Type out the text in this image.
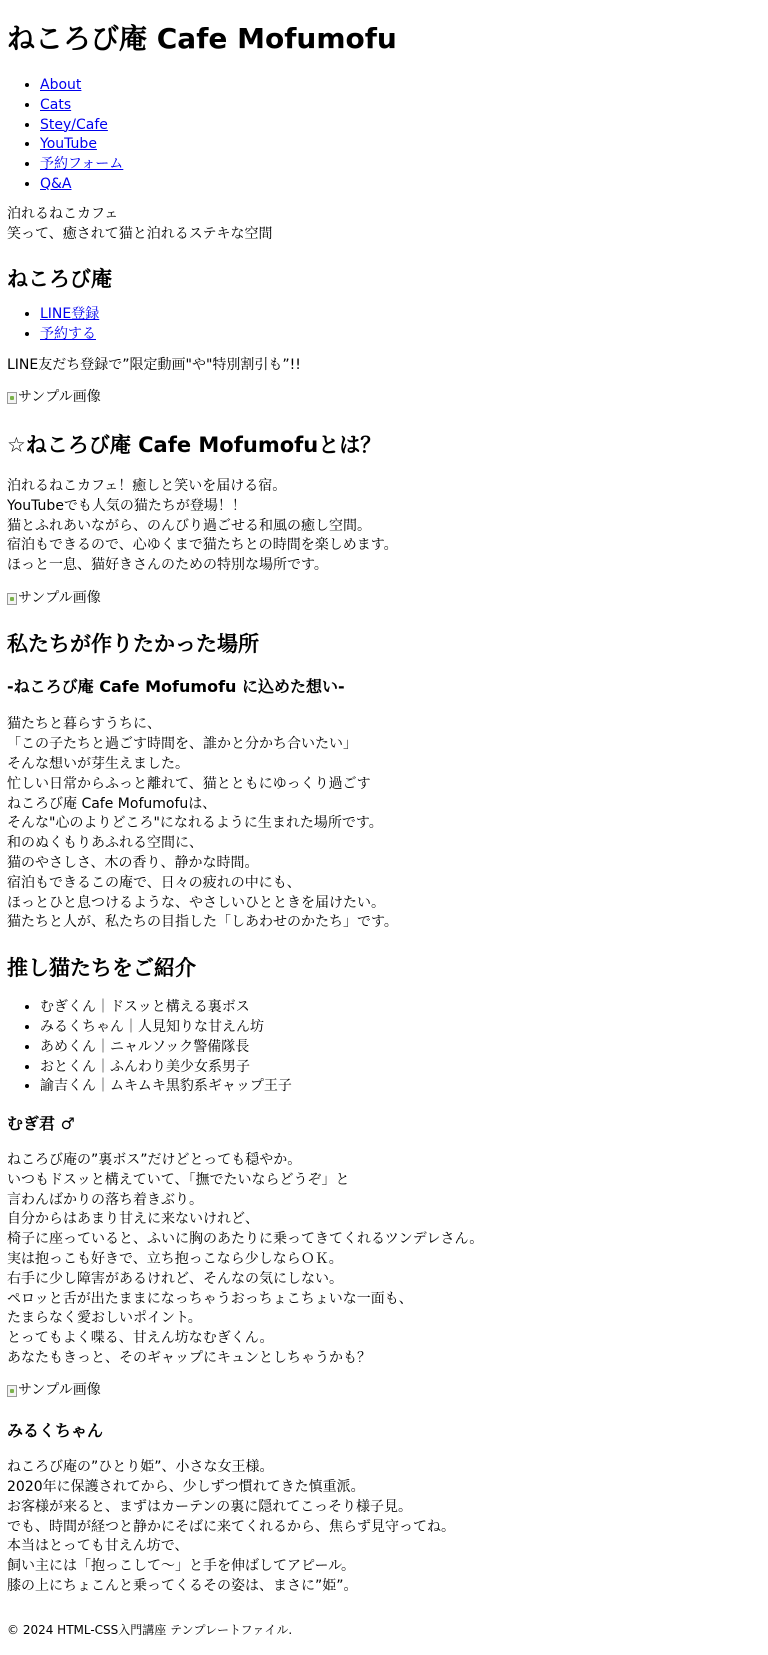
ねころび庵 Cafe Mofumofu
• About
• Cats
• Stey/Cafe
• YouTube
• 予約フォーム
• Q&A
泊れるねこカフェ
笑って、癒されて猫と泊れるステキな空間
ねころび庵
• LINE登録
• 予約する

LINE友だち登録で”限定動画"や"特別割引も”!!

サンプル画像
☆ねころび庵 Cafe Mofumofuとは？
泊れるねこカフェ！癒しと笑いを届ける宿。
YouTubeでも人気の猫たちが登場！！
猫とふれあいながら、のんびり過ごせる和風の癒し空間。
宿泊もできるので、心ゆくまで猫たちとの時間を楽しめます。
ほっと一息、猫好きさんのための特別な場所です。
サンプル画像
私たちが作りたかった場所
-ねころび庵 Cafe Mofumofu に込めた想い-
猫たちと暮らすうちに、
「この子たちと過ごす時間を、誰かと分かち合いたい」
そんな想いが芽生えました。
忙しい日常からふっと離れて、猫とともにゆっくり過ごす
ねころび庵 Cafe Mofumofuは、
そんな"心のよりどころ"になれるように生まれた場所です。
和のぬくもりあふれる空間に、
猫のやさしさ、木の香り、静かな時間。
宿泊もできるこの庵で、日々の疲れの中にも、
ほっとひと息つけるような、やさしいひとときを届けたい。
猫たちと人が、私たちの目指した「しあわせのかたち」です。
推し猫たちをご紹介
• むぎくん｜ドスッと構える裏ボス
• みるくちゃん｜人見知りな甘えん坊
• あめくん｜ニャルソック警備隊長
• おとくん｜ふんわり美少女系男子
• 諭吉くん｜ムキムキ黒豹系ギャップ王子
むぎ君 ♂
ねころび庵の”裏ボス”だけどとっても穏やか。
いつもドスッと構えていて、「撫でたいならどうぞ」と
言わんばかりの落ち着きぶり。
自分からはあまり甘えに来ないけれど、
椅子に座っていると、ふいに胸のあたりに乗ってきてくれるツンデレさん。
実は抱っこも好きで、立ち抱っこなら少しならＯＫ。
右手に少し障害があるけれど、そんなの気にしない。
ペロッと舌が出たままになっちゃうおっちょこちょいな一面も、
たまらなく愛おしいポイント。
とってもよく喋る、甘えん坊なむぎくん。
あなたもきっと、そのギャップにキュンとしちゃうかも？
サンプル画像
みるくちゃん
ねころび庵の”ひとり姫”、小さな女王様。
2020年に保護されてから、少しずつ慣れてきた慎重派。
お客様が来ると、まずはカーテンの裏に隠れてこっそり様子見。
でも、時間が経つと静かにそばに来てくれるから、焦らず見守ってね。
本当はとっても甘えん坊で、
飼い主には「抱っこして〜」と手を伸ばしてアピール。
膝の上にちょこんと乗ってくるその姿は、まさに”姫”。
© 2024 HTML-CSS入門講座 テンプレートファイル.
